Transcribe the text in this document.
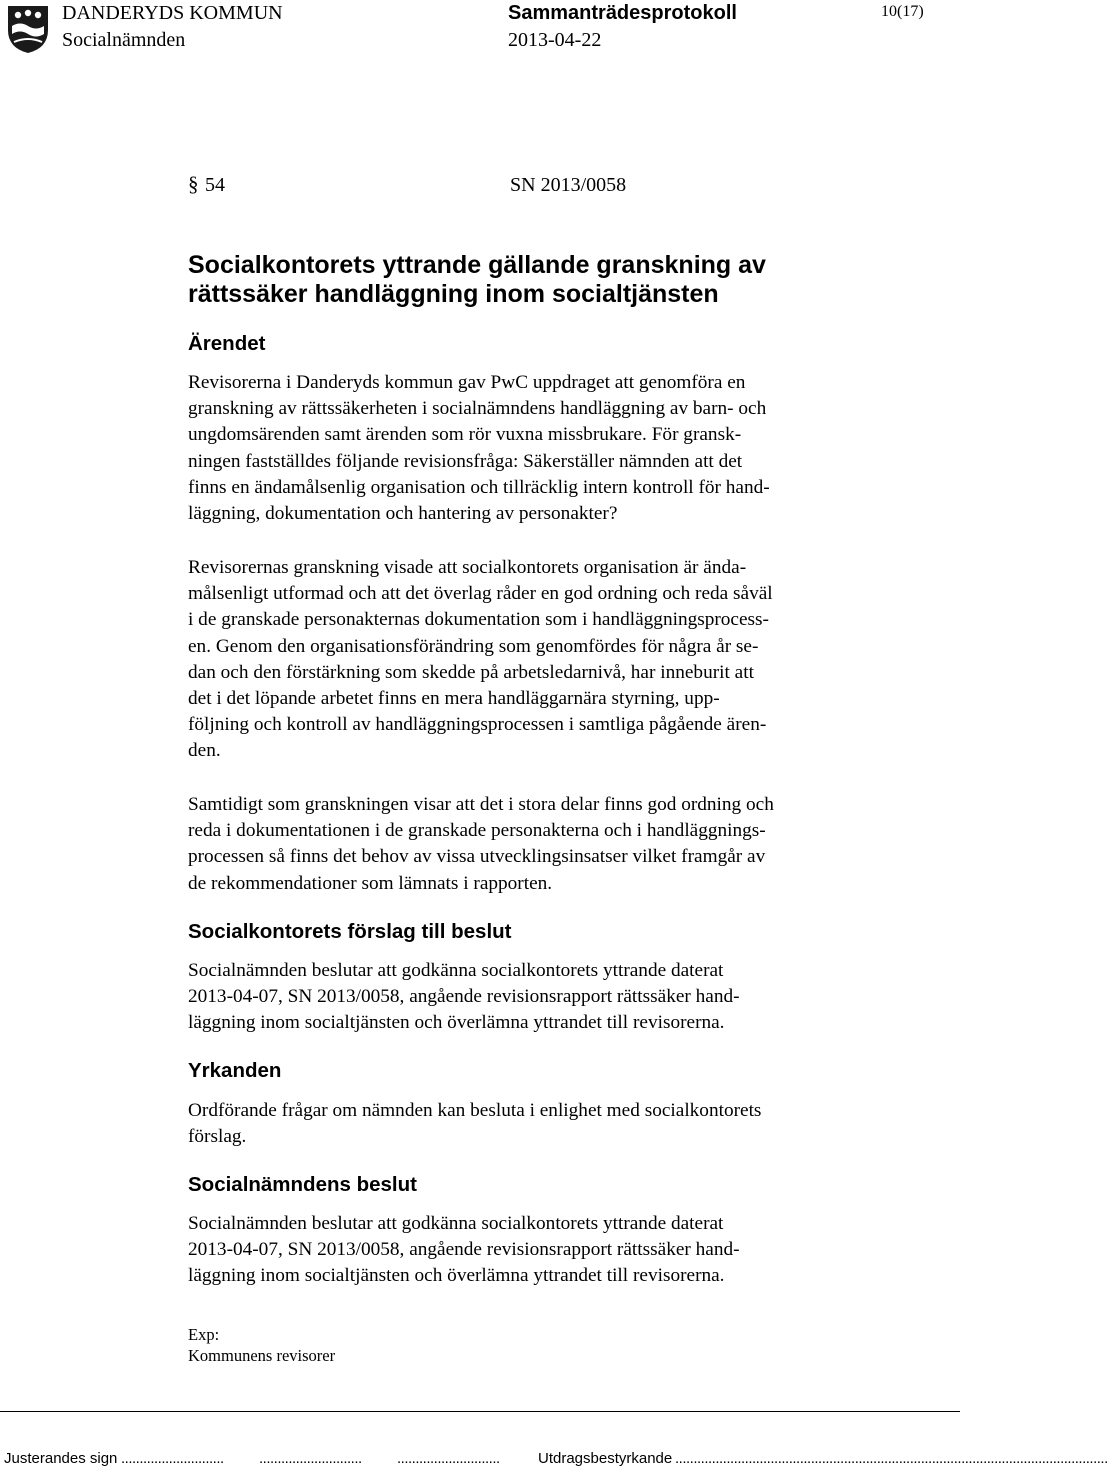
DANDERYDS KOMMUN
Socialnämnden
Sammanträdesprotokoll
2013-04-22
10(17)
§ 54	SN 2013/0058
Socialkontorets yttrande gällande granskning av
rättssäker handläggning inom socialtjänsten
Ärendet
Revisorerna i Danderyds kommun gav PwC uppdraget att genomföra en
granskning av rättssäkerheten i socialnämndens handläggning av barn- och
ungdomsärenden samt ärenden som rör vuxna missbrukare. För gransk-
ningen fastställdes följande revisionsfråga: Säkerställer nämnden att det
finns en ändamålsenlig organisation och tillräcklig intern kontroll för hand-
läggning, dokumentation och hantering av personakter?
Revisorernas granskning visade att socialkontorets organisation är ända-
målsenligt utformad och att det överlag råder en god ordning och reda såväl
i de granskade personakternas dokumentation som i handläggningsprocess-
en. Genom den organisationsförändring som genomfördes för några år se-
dan och den förstärkning som skedde på arbetsledarnivå, har inneburit att
det i det löpande arbetet finns en mera handläggarnära styrning, upp-
följning och kontroll av handläggningsprocessen i samtliga pågående ären-
den.
Samtidigt som granskningen visar att det i stora delar finns god ordning och
reda i dokumentationen i de granskade personakterna och i handläggnings-
processen så finns det behov av vissa utvecklingsinsatser vilket framgår av
de rekommendationer som lämnats i rapporten.
Socialkontorets förslag till beslut
Socialnämnden beslutar att godkänna socialkontorets yttrande daterat
2013-04-07, SN 2013/0058, angående revisionsrapport rättssäker hand-
läggning inom socialtjänsten och överlämna yttrandet till revisorerna.
Yrkanden
Ordförande frågar om nämnden kan besluta i enlighet med socialkontorets
förslag.
Socialnämndens beslut
Socialnämnden beslutar att godkänna socialkontorets yttrande daterat
2013-04-07, SN 2013/0058, angående revisionsrapport rättssäker hand-
läggning inom socialtjänsten och överlämna yttrandet till revisorerna.
Exp:
Kommunens revisorer
Justerandes sign ............................ ............................ ............................	Utdragsbestyrkande ......................................................................................................................
